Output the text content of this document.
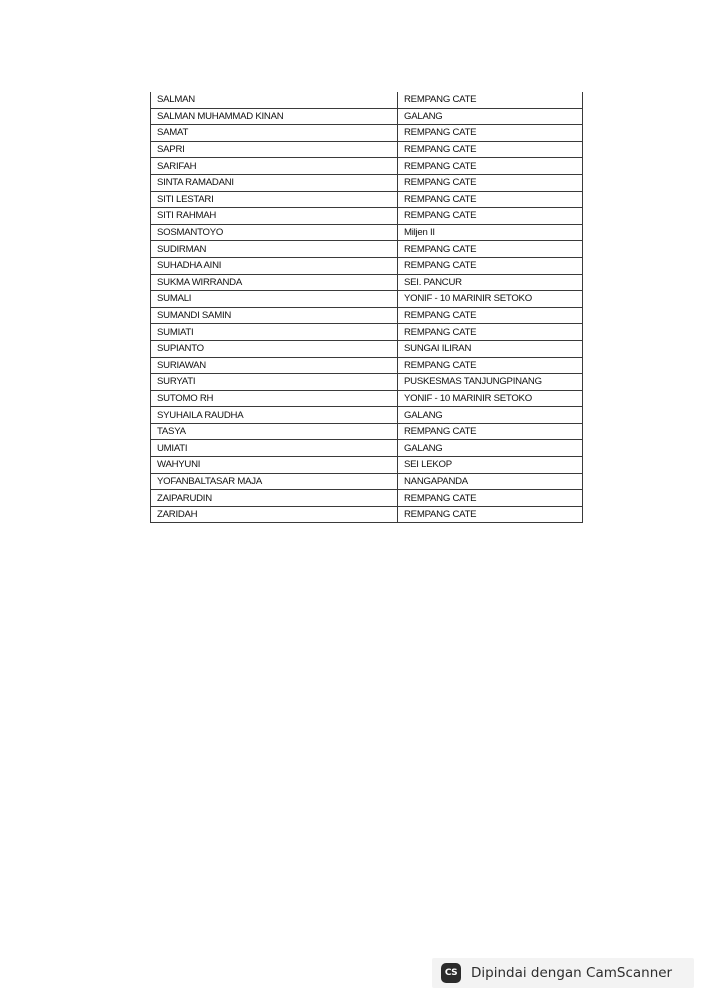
SALMAN	REMPANG CATE
SALMAN MUHAMMAD KINAN	GALANG
SAMAT	REMPANG CATE
SAPRI	REMPANG CATE
SARIFAH	REMPANG CATE
SINTA RAMADANI	REMPANG CATE
SITI LESTARI	REMPANG CATE
SITI RAHMAH	REMPANG CATE
SOSMANTOYO	Miljen II
SUDIRMAN	REMPANG CATE
SUHADHA AINI	REMPANG CATE
SUKMA WIRRANDA	SEI. PANCUR
SUMALI	YONIF - 10 MARINIR SETOKO
SUMANDI SAMIN	REMPANG CATE
SUMIATI	REMPANG CATE
SUPIANTO	SUNGAI ILIRAN
SURIAWAN	REMPANG CATE
SURYATI	PUSKESMAS TANJUNGPINANG
SUTOMO RH	YONIF - 10 MARINIR SETOKO
SYUHAILA RAUDHA	GALANG
TASYA	REMPANG CATE
UMIATI	GALANG
WAHYUNI	SEI LEKOP
YOFANBALTASAR MAJA	NANGAPANDA
ZAIPARUDIN	REMPANG CATE
ZARIDAH	REMPANG CATE
CS Dipindai dengan CamScanner
